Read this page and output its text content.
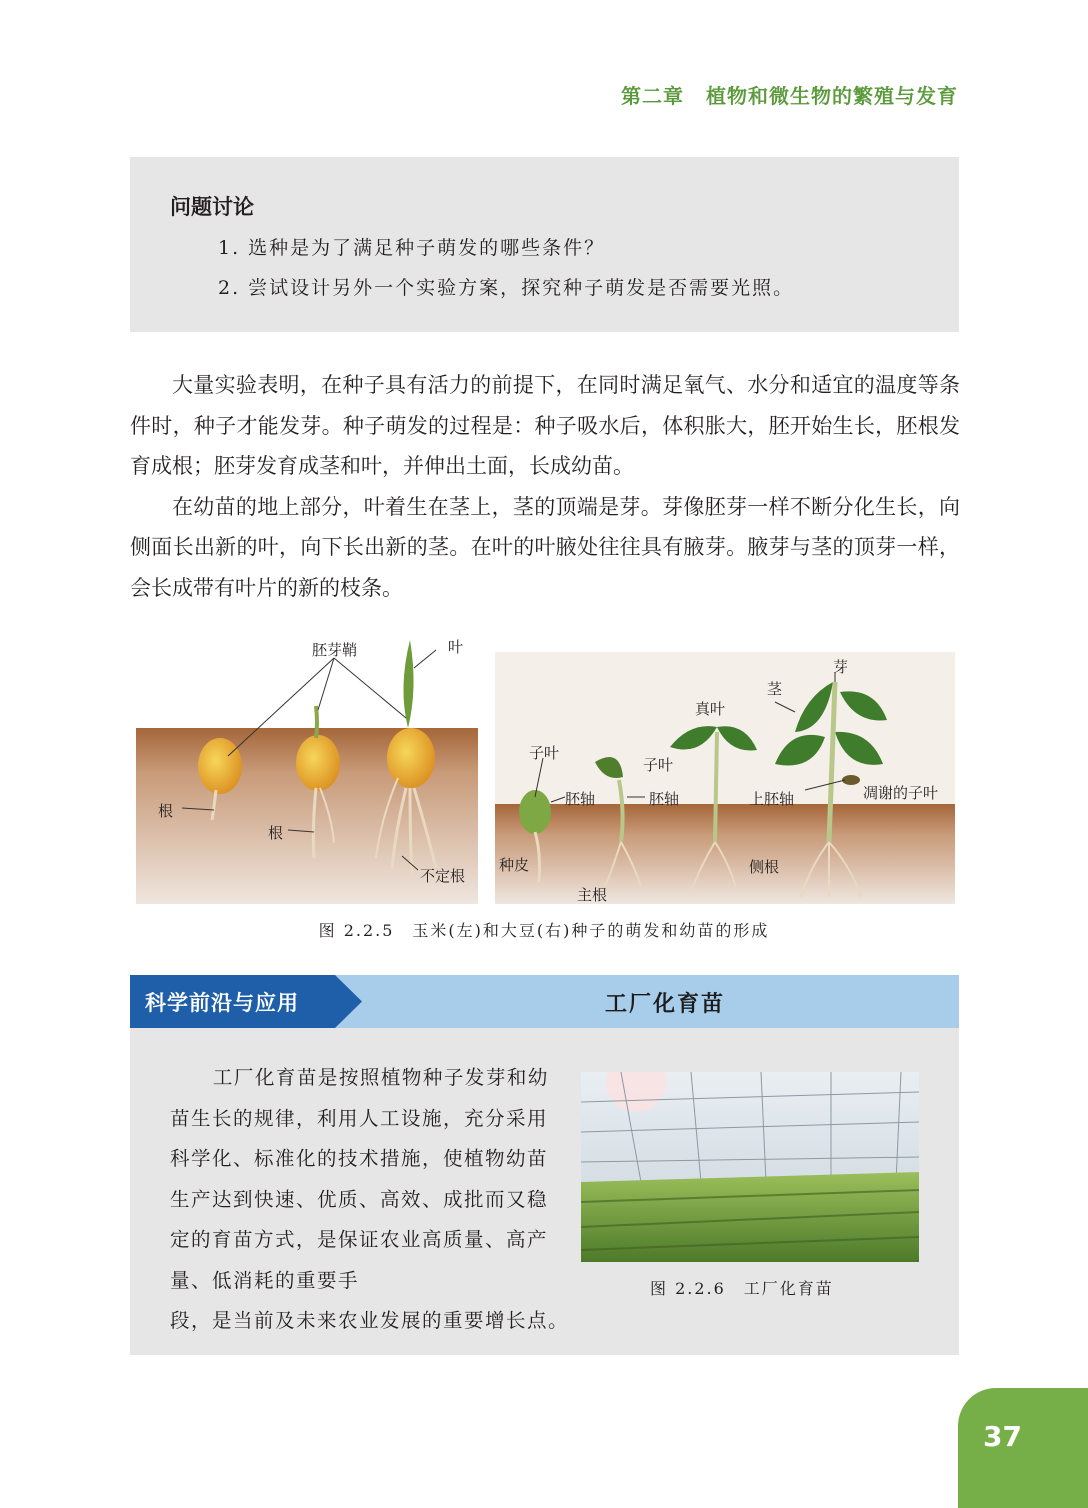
第二章 植物和微生物的繁殖与发育
问题讨论
1. 选种是为了满足种子萌发的哪些条件？
2. 尝试设计另外一个实验方案，探究种子萌发是否需要光照。

大量实验表明，在种子具有活力的前提下，在同时满足氧气、水分和适宜的温度等条件时，种子才能发芽。种子萌发的过程是：种子吸水后，体积胀大，胚开始生长，胚根发育成根；胚芽发育成茎和叶，并伸出土面，长成幼苗。

在幼苗的地上部分，叶着生在茎上，茎的顶端是芽。芽像胚芽一样不断分化生长，向侧面长出新的叶，向下长出新的茎。在叶的叶腋处往往具有腋芽。腋芽与茎的顶芽一样，会长成带有叶片的新的枝条。

胚芽鞘	叶
根
根
不定根
芽
茎
真叶
子叶
子叶
胚轴	胚轴	上胚轴	凋谢的子叶
种皮
主根
侧根
图 2.2.5　玉米(左)和大豆(右)种子的萌发和幼苗的形成
科学前沿与应用	工厂化育苗

工厂化育苗是按照植物种子发芽和幼苗生长的规律，利用人工设施，充分采用科学化、标准化的技术措施，使植物幼苗生产达到快速、优质、高效、成批而又稳定的育苗方式，是保证农业高质量、高产量、低消耗的重要手

段，是当前及未来农业发展的重要增长点。
图 2.2.6　工厂化育苗
37
